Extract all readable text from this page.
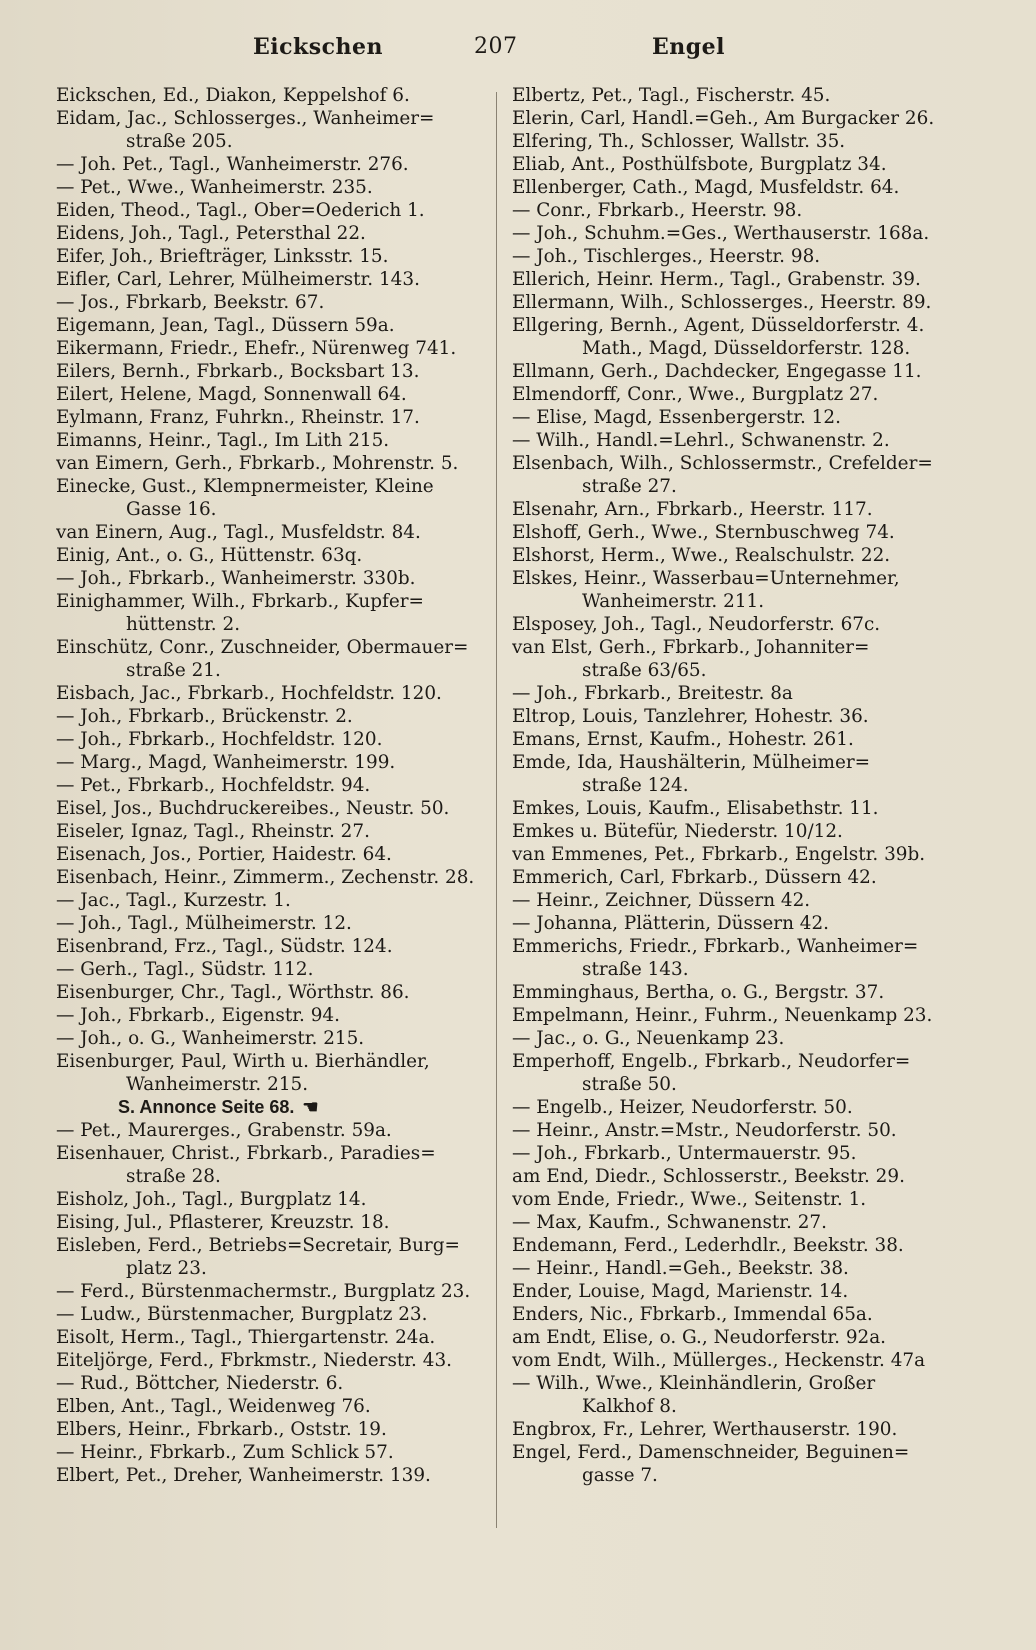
Eickschen	207	Engel
Eickschen, Ed., Diakon, Keppelshof 6.
Eidam, Jac., Schlosserges., Wanheimer=
straße 205.
— Joh. Pet., Tagl., Wanheimerstr. 276.
— Pet., Wwe., Wanheimerstr. 235.
Eiden, Theod., Tagl., Ober=Oederich 1.
Eidens, Joh., Tagl., Petersthal 22.
Eifer, Joh., Briefträger, Linksstr. 15.
Eifler, Carl, Lehrer, Mülheimerstr. 143.
— Jos., Fbrkarb, Beekstr. 67.
Eigemann, Jean, Tagl., Düssern 59a.
Eikermann, Friedr., Ehefr., Nürenweg 741.
Eilers, Bernh., Fbrkarb., Bocksbart 13.
Eilert, Helene, Magd, Sonnenwall 64.
Eylmann, Franz, Fuhrkn., Rheinstr. 17.
Eimanns, Heinr., Tagl., Im Lith 215.
van Eimern, Gerh., Fbrkarb., Mohrenstr. 5.
Einecke, Gust., Klempnermeister, Kleine
Gasse 16.
van Einern, Aug., Tagl., Musfeldstr. 84.
Einig, Ant., o. G., Hüttenstr. 63q.
— Joh., Fbrkarb., Wanheimerstr. 330b.
Einighammer, Wilh., Fbrkarb., Kupfer=
hüttenstr. 2.
Einschütz, Conr., Zuschneider, Obermauer=
straße 21.
Eisbach, Jac., Fbrkarb., Hochfeldstr. 120.
— Joh., Fbrkarb., Brückenstr. 2.
— Joh., Fbrkarb., Hochfeldstr. 120.
— Marg., Magd, Wanheimerstr. 199.
— Pet., Fbrkarb., Hochfeldstr. 94.
Eisel, Jos., Buchdruckereibes., Neustr. 50.
Eiseler, Ignaz, Tagl., Rheinstr. 27.
Eisenach, Jos., Portier, Haidestr. 64.
Eisenbach, Heinr., Zimmerm., Zechenstr. 28.
— Jac., Tagl., Kurzestr. 1.
— Joh., Tagl., Mülheimerstr. 12.
Eisenbrand, Frz., Tagl., Südstr. 124.
— Gerh., Tagl., Südstr. 112.
Eisenburger, Chr., Tagl., Wörthstr. 86.
— Joh., Fbrkarb., Eigenstr. 94.
— Joh., o. G., Wanheimerstr. 215.
Eisenburger, Paul, Wirth u. Bierhändler,
Wanheimerstr. 215.
S. Annonce Seite 68. ☚
— Pet., Maurerges., Grabenstr. 59a.
Eisenhauer, Christ., Fbrkarb., Paradies=
straße 28.
Eisholz, Joh., Tagl., Burgplatz 14.
Eising, Jul., Pflasterer, Kreuzstr. 18.
Eisleben, Ferd., Betriebs=Secretair, Burg=
platz 23.
— Ferd., Bürstenmachermstr., Burgplatz 23.
— Ludw., Bürstenmacher, Burgplatz 23.
Eisolt, Herm., Tagl., Thiergartenstr. 24a.
Eiteljörge, Ferd., Fbrkmstr., Niederstr. 43.
— Rud., Böttcher, Niederstr. 6.
Elben, Ant., Tagl., Weidenweg 76.
Elbers, Heinr., Fbrkarb., Oststr. 19.
— Heinr., Fbrkarb., Zum Schlick 57.
Elbert, Pet., Dreher, Wanheimerstr. 139.
Elbertz, Pet., Tagl., Fischerstr. 45.
Elerin, Carl, Handl.=Geh., Am Burgacker 26.
Elfering, Th., Schlosser, Wallstr. 35.
Eliab, Ant., Posthülfsbote, Burgplatz 34.
Ellenberger, Cath., Magd, Musfeldstr. 64.
— Conr., Fbrkarb., Heerstr. 98.
— Joh., Schuhm.=Ges., Werthauserstr. 168a.
— Joh., Tischlerges., Heerstr. 98.
Ellerich, Heinr. Herm., Tagl., Grabenstr. 39.
Ellermann, Wilh., Schlosserges., Heerstr. 89.
Ellgering, Bernh., Agent, Düsseldorferstr. 4.
Math., Magd, Düsseldorferstr. 128.
Ellmann, Gerh., Dachdecker, Engegasse 11.
Elmendorff, Conr., Wwe., Burgplatz 27.
— Elise, Magd, Essenbergerstr. 12.
— Wilh., Handl.=Lehrl., Schwanenstr. 2.
Elsenbach, Wilh., Schlossermstr., Crefelder=
straße 27.
Elsenahr, Arn., Fbrkarb., Heerstr. 117.
Elshoff, Gerh., Wwe., Sternbuschweg 74.
Elshorst, Herm., Wwe., Realschulstr. 22.
Elskes, Heinr., Wasserbau=Unternehmer,
Wanheimerstr. 211.
Elsposey, Joh., Tagl., Neudorferstr. 67c.
van Elst, Gerh., Fbrkarb., Johanniter=
straße 63/65.
— Joh., Fbrkarb., Breitestr. 8a
Eltrop, Louis, Tanzlehrer, Hohestr. 36.
Emans, Ernst, Kaufm., Hohestr. 261.
Emde, Ida, Haushälterin, Mülheimer=
straße 124.
Emkes, Louis, Kaufm., Elisabethstr. 11.
Emkes u. Bütefür, Niederstr. 10/12.
van Emmenes, Pet., Fbrkarb., Engelstr. 39b.
Emmerich, Carl, Fbrkarb., Düssern 42.
— Heinr., Zeichner, Düssern 42.
— Johanna, Plätterin, Düssern 42.
Emmerichs, Friedr., Fbrkarb., Wanheimer=
straße 143.
Emminghaus, Bertha, o. G., Bergstr. 37.
Empelmann, Heinr., Fuhrm., Neuenkamp 23.
— Jac., o. G., Neuenkamp 23.
Emperhoff, Engelb., Fbrkarb., Neudorfer=
straße 50.
— Engelb., Heizer, Neudorferstr. 50.
— Heinr., Anstr.=Mstr., Neudorferstr. 50.
— Joh., Fbrkarb., Untermauerstr. 95.
am End, Diedr., Schlosserstr., Beekstr. 29.
vom Ende, Friedr., Wwe., Seitenstr. 1.
— Max, Kaufm., Schwanenstr. 27.
Endemann, Ferd., Lederhdlr., Beekstr. 38.
— Heinr., Handl.=Geh., Beekstr. 38.
Ender, Louise, Magd, Marienstr. 14.
Enders, Nic., Fbrkarb., Immendal 65a.
am Endt, Elise, o. G., Neudorferstr. 92a.
vom Endt, Wilh., Müllerges., Heckenstr. 47a
— Wilh., Wwe., Kleinhändlerin, Großer
Kalkhof 8.
Engbrox, Fr., Lehrer, Werthauserstr. 190.
Engel, Ferd., Damenschneider, Beguinen=
gasse 7.
